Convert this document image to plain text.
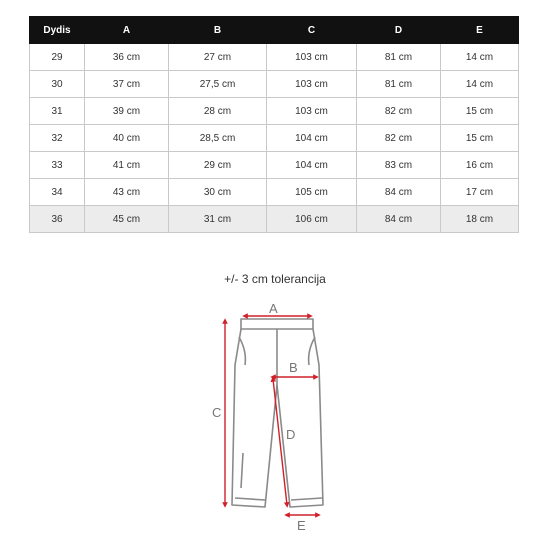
Dydis	A	B	C	D	E
29	36 cm	27 cm	103 cm	81 cm	14 cm
30	37 cm	27,5 cm	103 cm	81 cm	14 cm
31	39 cm	28 cm	103 cm	82 cm	15 cm
32	40 cm	28,5 cm	104 cm	82 cm	15 cm
33	41 cm	29 cm	104 cm	83 cm	16 cm
34	43 cm	30 cm	105 cm	84 cm	17 cm
36	45 cm	31 cm	106 cm	84 cm	18 cm
+/- 3 cm tolerancija
A
C
B
D
E
